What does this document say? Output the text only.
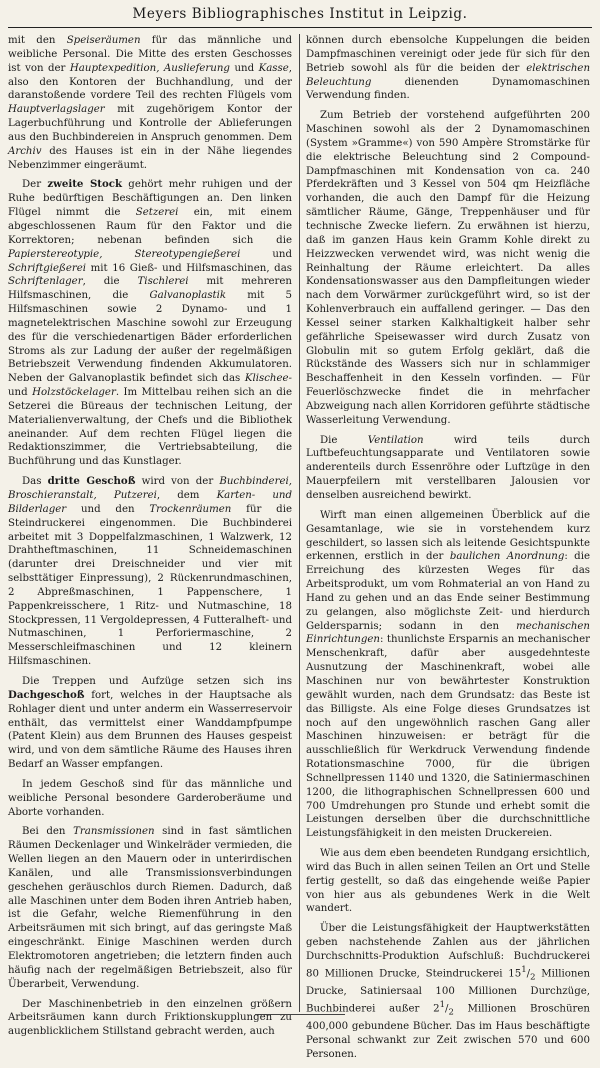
Meyers Bibliographisches Institut in Leipzig.

mit den Speiseräumen für das männliche und weibliche Personal. Die Mitte des ersten Geschosses ist von der Hauptexpedition, Auslieferung und Kasse, also den Kontoren der Buchhandlung, und der daranstoßende vordere Teil des rechten Flügels vom Hauptverlagslager mit zugehörigem Kontor der Lagerbuchführung und Kontrolle der Ablieferungen aus den Buchbindereien in Anspruch genommen. Dem Archiv des Hauses ist ein in der Nähe liegendes Nebenzimmer eingeräumt.

Der zweite Stock gehört mehr ruhigen und der Ruhe bedürftigen Beschäftigungen an. Den linken Flügel nimmt die Setzerei ein, mit einem abgeschlossenen Raum für den Faktor und die Korrektoren; nebenan befinden sich die Papierstereotypie, Stereotypengießerei und Schriftgießerei mit 16 Gieß- und Hilfsmaschinen, das Schriftenlager, die Tischlerei mit mehreren Hilfsmaschinen, die Galvanoplastik mit 5 Hilfsmaschinen sowie 2 Dynamo- und 1 magnetelektrischen Maschine sowohl zur Erzeugung des für die verschiedenartigen Bäder erforderlichen Stroms als zur Ladung der außer der regelmäßigen Betriebszeit Verwendung findenden Akkumulatoren. Neben der Galvanoplastik befindet sich das Klischee- und Holzstöckelager. Im Mittelbau reihen sich an die Setzerei die Büreaus der technischen Leitung, der Materialienverwaltung, der Chefs und die Bibliothek aneinander. Auf dem rechten Flügel liegen die Redaktionszimmer, die Vertriebsabteilung, die Buchführung und das Kunstlager.

Das dritte Geschoß wird von der Buchbinderei, Broschieranstalt, Putzerei, dem Karten- und Bilderlager und den Trockenräumen für die Steindruckerei eingenommen. Die Buchbinderei arbeitet mit 3 Doppelfalzmaschinen, 1 Walzwerk, 12 Drahtheftmaschinen, 11 Schneidemaschinen (darunter drei Dreischneider und vier mit selbsttätiger Einpressung), 2 Rückenrundmaschinen, 2 Abpreßmaschinen, 1 Pappenschere, 1 Pappenkreisschere, 1 Ritz- und Nutmaschine, 18 Stockpressen, 11 Vergoldepressen, 4 Futteralheft- und Nutmaschinen, 1 Perforiermaschine, 2 Messerschleifmaschinen und 12 kleinern Hilfsmaschinen.

Die Treppen und Aufzüge setzen sich ins Dachgeschoß fort, welches in der Hauptsache als Rohlager dient und unter anderm ein Wasserreservoir enthält, das vermittelst einer Wanddampfpumpe (Patent Klein) aus dem Brunnen des Hauses gespeist wird, und von dem sämtliche Räume des Hauses ihren Bedarf an Wasser empfangen.

In jedem Geschoß sind für das männliche und weibliche Personal besondere Garderoberäume und Aborte vorhanden.

Bei den Transmissionen sind in fast sämtlichen Räumen Deckenlager und Winkelräder vermieden, die Wellen liegen an den Mauern oder in unterirdischen Kanälen, und alle Transmissionsverbindungen geschehen geräuschlos durch Riemen. Dadurch, daß alle Maschinen unter dem Boden ihren Antrieb haben, ist die Gefahr, welche Riemenführung in den Arbeitsräumen mit sich bringt, auf das geringste Maß eingeschränkt. Einige Maschinen werden durch Elektromotoren angetrieben; die letztern finden auch häufig nach der regelmäßigen Betriebszeit, also für Überarbeit, Verwendung.

Der Maschinenbetrieb in den einzelnen größern Arbeitsräumen kann durch Friktionskupplungen zu augenblicklichem Stillstand gebracht werden, auch

können durch ebensolche Kuppelungen die beiden Dampfmaschinen vereinigt oder jede für sich für den Betrieb sowohl als für die beiden der elektrischen Beleuchtung dienenden Dynamomaschinen Verwendung finden.

Zum Betrieb der vorstehend aufgeführten 200 Maschinen sowohl als der 2 Dynamomaschinen (System »Gramme«) von 590 Ampère Stromstärke für die elektrische Beleuchtung sind 2 Compound-Dampfmaschinen mit Kondensation von ca. 240 Pferdekräften und 3 Kessel von 504 qm Heizfläche vorhanden, die auch den Dampf für die Heizung sämtlicher Räume, Gänge, Treppenhäuser und für technische Zwecke liefern. Zu erwähnen ist hierzu, daß im ganzen Haus kein Gramm Kohle direkt zu Heizzwecken verwendet wird, was nicht wenig die Reinhaltung der Räume erleichtert. Da alles Kondensationswasser aus den Dampfleitungen wieder nach dem Vorwärmer zurückgeführt wird, so ist der Kohlenverbrauch ein auffallend geringer. — Das den Kessel seiner starken Kalkhaltigkeit halber sehr gefährliche Speisewasser wird durch Zusatz von Globulin mit so gutem Erfolg geklärt, daß die Rückstände des Wassers sich nur in schlammiger Beschaffenheit in den Kesseln vorfinden. — Für Feuerlöschzwecke findet die in mehrfacher Abzweigung nach allen Korridoren geführte städtische Wasserleitung Verwendung.

Die Ventilation wird teils durch Luftbefeuchtungsapparate und Ventilatoren sowie anderenteils durch Essenröhre oder Luftzüge in den Mauerpfeilern mit verstellbaren Jalousien vor denselben ausreichend bewirkt.

Wirft man einen allgemeinen Überblick auf die Gesamtanlage, wie sie in vorstehendem kurz geschildert, so lassen sich als leitende Gesichtspunkte erkennen, erstlich in der baulichen Anordnung: die Erreichung des kürzesten Weges für das Arbeitsprodukt, um vom Rohmaterial an von Hand zu Hand zu gehen und an das Ende seiner Bestimmung zu gelangen, also möglichste Zeit- und hierdurch Geldersparnis; sodann in den mechanischen Einrichtungen: thunlichste Ersparnis an mechanischer Menschenkraft, dafür aber ausgedehnteste Ausnutzung der Maschinenkraft, wobei alle Maschinen nur von bewährtester Konstruktion gewählt wurden, nach dem Grundsatz: das Beste ist das Billigste. Als eine Folge dieses Grundsatzes ist noch auf den ungewöhnlich raschen Gang aller Maschinen hinzuweisen: er beträgt für die ausschließlich für Werkdruck Verwendung findende Rotationsmaschine 7000, für die übrigen Schnellpressen 1140 und 1320, die Satiniermaschinen 1200, die lithographischen Schnellpressen 600 und 700 Umdrehungen pro Stunde und erhebt somit die Leistungen derselben über die durchschnittliche Leistungsfähigkeit in den meisten Druckereien.

Wie aus dem eben beendeten Rundgang ersichtlich, wird das Buch in allen seinen Teilen an Ort und Stelle fertig gestellt, so daß das eingehende weiße Papier von hier aus als gebundenes Werk in die Welt wandert.

Über die Leistungsfähigkeit der Hauptwerkstätten geben nachstehende Zahlen aus der jährlichen Durchschnitts-Produktion Aufschluß: Buchdruckerei 80 Millionen Drucke, Steindruckerei $15^1/_2$ Millionen Drucke, Satiniersaal 100 Millionen Durchzüge, Buchbinderei außer $2^1/_2$ Millionen Broschüren 400,000 gebundene Bücher. Das im Haus beschäftigte Personal schwankt zur Zeit zwischen 570 und 600 Personen.
